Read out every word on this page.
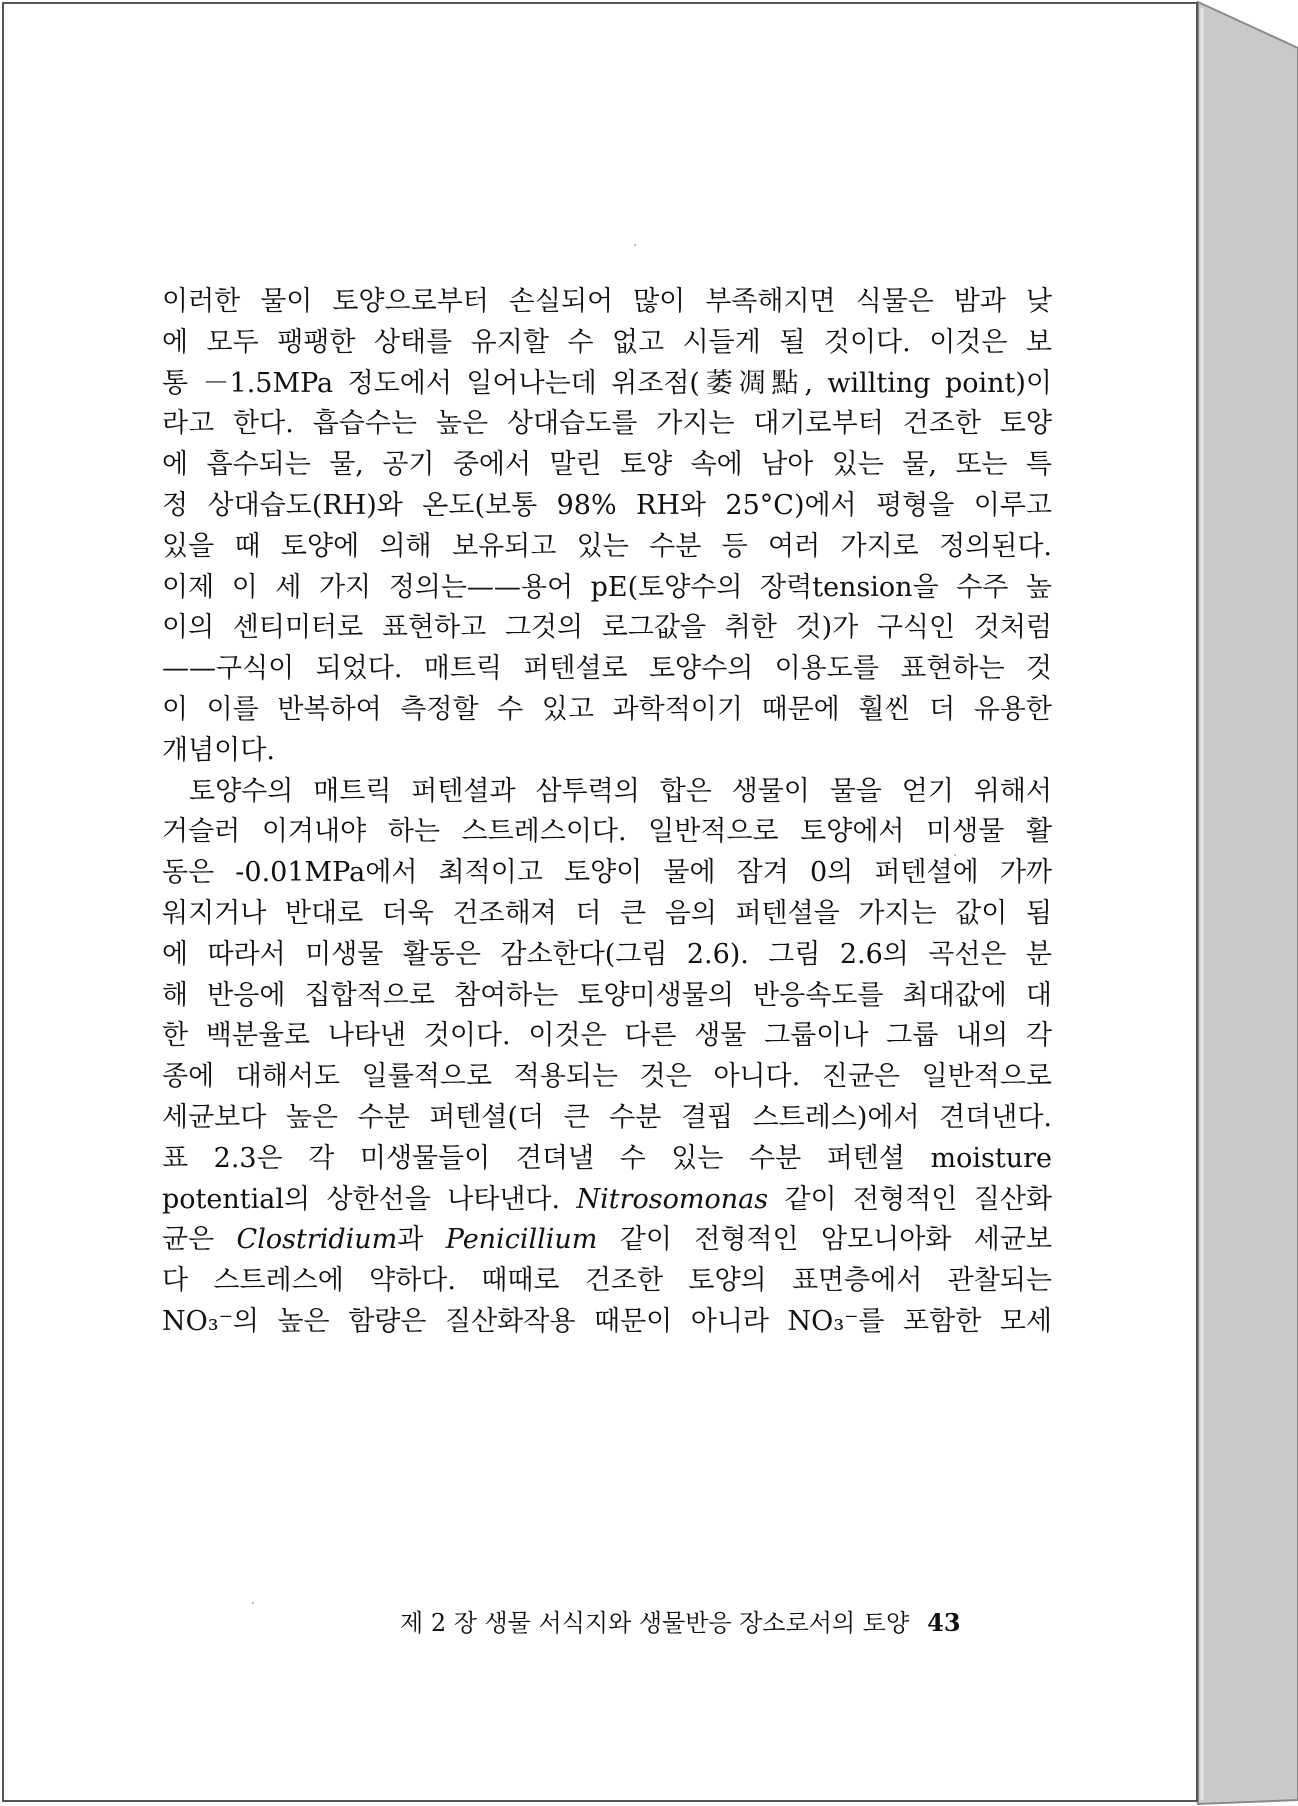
이러한 물이 토양으로부터 손실되어 많이 부족해지면 식물은 밤과 낮
에 모두 팽팽한 상태를 유지할 수 없고 시들게 될 것이다. 이것은 보
통 －1.5MPa 정도에서 일어나는데 위조점(萎凋點, willting point)이
라고 한다. 흡습수는 높은 상대습도를 가지는 대기로부터 건조한 토양
에 흡수되는 물, 공기 중에서 말린 토양 속에 남아 있는 물, 또는 특
정 상대습도(RH)와 온도(보통 98% RH와 25°C)에서 평형을 이루고
있을 때 토양에 의해 보유되고 있는 수분 등 여러 가지로 정의된다.
이제 이 세 가지 정의는——용어 pE(토양수의 장력tension을 수주 높
이의 센티미터로 표현하고 그것의 로그값을 취한 것)가 구식인 것처럼
——구식이 되었다. 매트릭 퍼텐셜로 토양수의 이용도를 표현하는 것
이 이를 반복하여 측정할 수 있고 과학적이기 때문에 훨씬 더 유용한
개념이다.
토양수의 매트릭 퍼텐셜과 삼투력의 합은 생물이 물을 얻기 위해서
거슬러 이겨내야 하는 스트레스이다. 일반적으로 토양에서 미생물 활
동은 -0.01MPa에서 최적이고 토양이 물에 잠겨 0의 퍼텐셜에 가까
워지거나 반대로 더욱 건조해져 더 큰 음의 퍼텐셜을 가지는 값이 됨
에 따라서 미생물 활동은 감소한다(그림 2.6). 그림 2.6의 곡선은 분
해 반응에 집합적으로 참여하는 토양미생물의 반응속도를 최대값에 대
한 백분율로 나타낸 것이다. 이것은 다른 생물 그룹이나 그룹 내의 각
종에 대해서도 일률적으로 적용되는 것은 아니다. 진균은 일반적으로
세균보다 높은 수분 퍼텐셜(더 큰 수분 결핍 스트레스)에서 견뎌낸다.
표 2.3은 각 미생물들이 견뎌낼 수 있는 수분 퍼텐셜 moisture
potential의 상한선을 나타낸다. Nitrosomonas 같이 전형적인 질산화
균은 Clostridium과 Penicillium 같이 전형적인 암모니아화 세균보
다 스트레스에 약하다. 때때로 건조한 토양의 표면층에서 관찰되는
NO₃⁻의 높은 함량은 질산화작용 때문이 아니라 NO₃⁻를 포함한 모세
제 2 장 생물 서식지와 생물반응 장소로서의 토양 43
